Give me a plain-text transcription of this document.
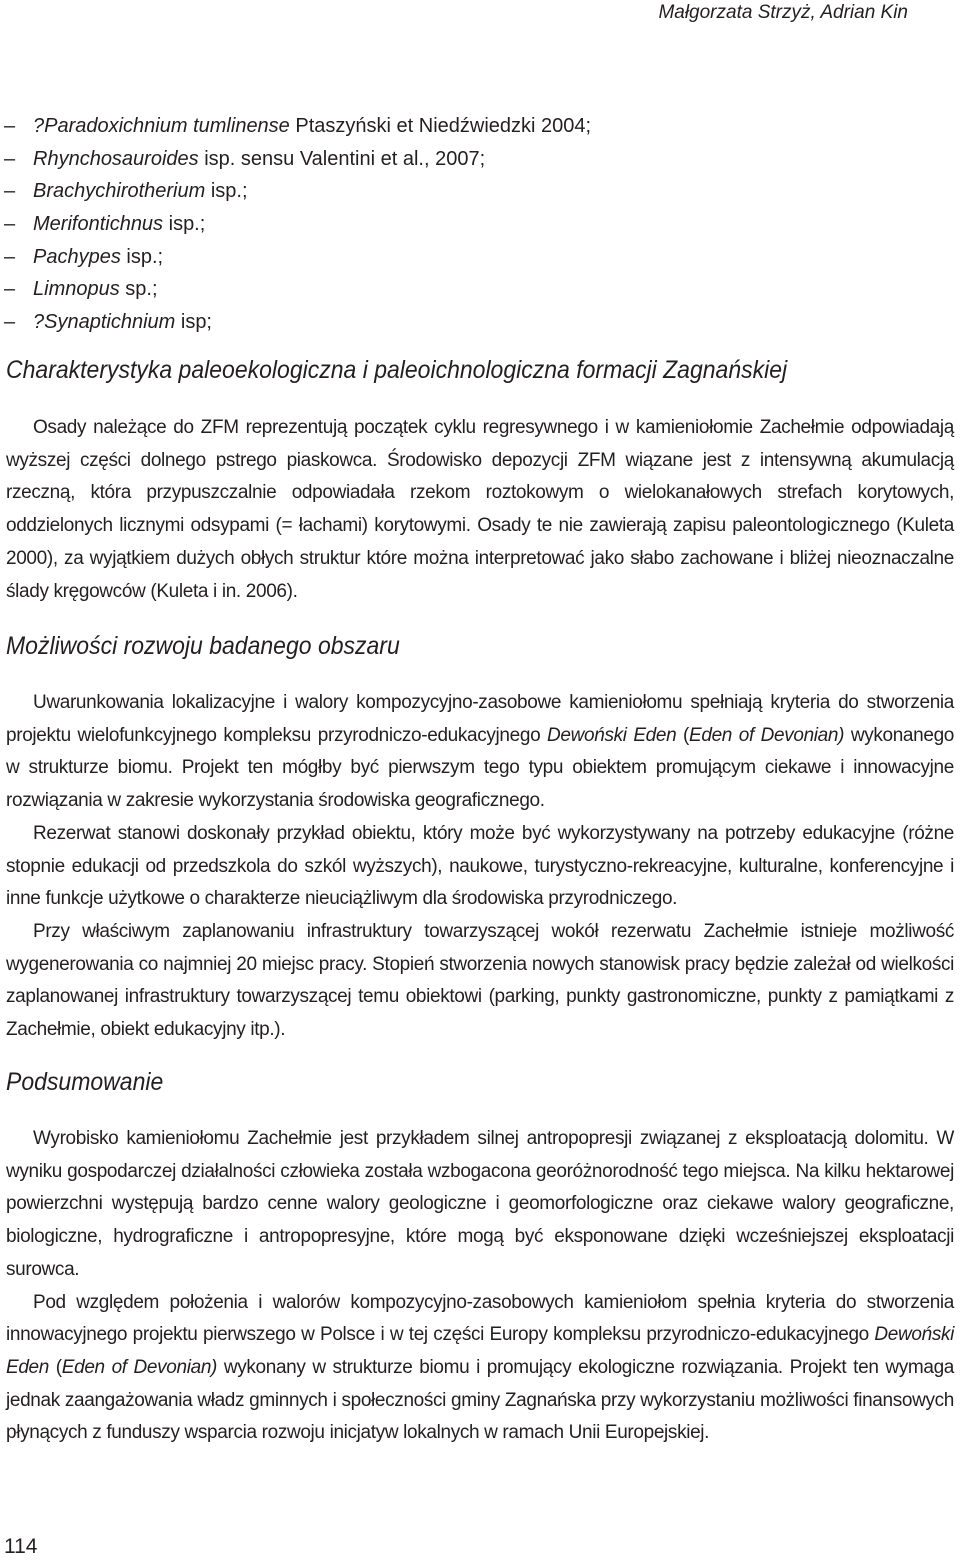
Małgorzata Strzyż, Adrian Kin
– ?Paradoxichnium tumlinense Ptaszyński et Niedźwiedzki 2004;
– Rhynchosauroides isp. sensu Valentini et al., 2007;
– Brachychirotherium isp.;
– Merifontichnus isp.;
– Pachypes isp.;
– Limnopus sp.;
– ?Synaptichnium isp;
Charakterystyka paleoekologiczna i paleoichnologiczna formacji Zagnańskiej

Osady należące do ZFM reprezentują początek cyklu regresywnego i w kamieniołomie Zachełmie odpowiadają wyższej części dolnego pstrego piaskowca. Środowisko depozycji ZFM wiązane jest z intensywną akumulacją rzeczną, która przypuszczalnie odpowiadała rzekom roztokowym o wielokanałowych strefach korytowych, oddzielonych licznymi odsypami (= łachami) korytowymi. Osady te nie zawierają zapisu paleontologicznego (Kuleta 2000), za wyjątkiem dużych obłych struktur które można interpretować jako słabo zachowane i bliżej nieoznaczalne ślady kręgowców (Kuleta i in. 2006).

Możliwości rozwoju badanego obszaru

Uwarunkowania lokalizacyjne i walory kompozycyjno-zasobowe kamieniołomu spełniają kryteria do stworzenia projektu wielofunkcyjnego kompleksu przyrodniczo-edukacyjnego Dewoński Eden (Eden of Devonian) wykonanego w strukturze biomu. Projekt ten mógłby być pierwszym tego typu obiektem promującym ciekawe i innowacyjne rozwiązania w zakresie wykorzystania środowiska geograficznego.

Rezerwat stanowi doskonały przykład obiektu, który może być wykorzystywany na potrzeby edukacyjne (różne stopnie edukacji od przedszkola do szkól wyższych), naukowe, turystyczno-rekreacyjne, kulturalne, konferencyjne i inne funkcje użytkowe o charakterze nieuciążliwym dla środowiska przyrodniczego.

Przy właściwym zaplanowaniu infrastruktury towarzyszącej wokół rezerwatu Zachełmie istnieje możliwość wygenerowania co najmniej 20 miejsc pracy. Stopień stworzenia nowych stanowisk pracy będzie zależał od wielkości zaplanowanej infrastruktury towarzyszącej temu obiektowi (parking, punkty gastronomiczne, punkty z pamiątkami z Zachełmie, obiekt edukacyjny itp.).

Podsumowanie

Wyrobisko kamieniołomu Zachełmie jest przykładem silnej antropopresji związanej z eksploatacją dolomitu. W wyniku gospodarczej działalności człowieka została wzbogacona georóżnorodność tego miejsca. Na kilku hektarowej powierzchni występują bardzo cenne walory geologiczne i geomorfologiczne oraz ciekawe walory geograficzne, biologiczne, hydrograficzne i antropopresyjne, które mogą być eksponowane dzięki wcześniejszej eksploatacji surowca.

Pod względem położenia i walorów kompozycyjno-zasobowych kamieniołom spełnia kryteria do stworzenia innowacyjnego projektu pierwszego w Polsce i w tej części Europy kompleksu przyrodniczo-edukacyjnego Dewoński Eden (Eden of Devonian) wykonany w strukturze biomu i promujący ekologiczne rozwiązania. Projekt ten wymaga jednak zaangażowania władz gminnych i społeczności gminy Zagnańska przy wykorzystaniu możliwości finansowych płynących z funduszy wsparcia rozwoju inicjatyw lokalnych w ramach Unii Europejskiej.

114
